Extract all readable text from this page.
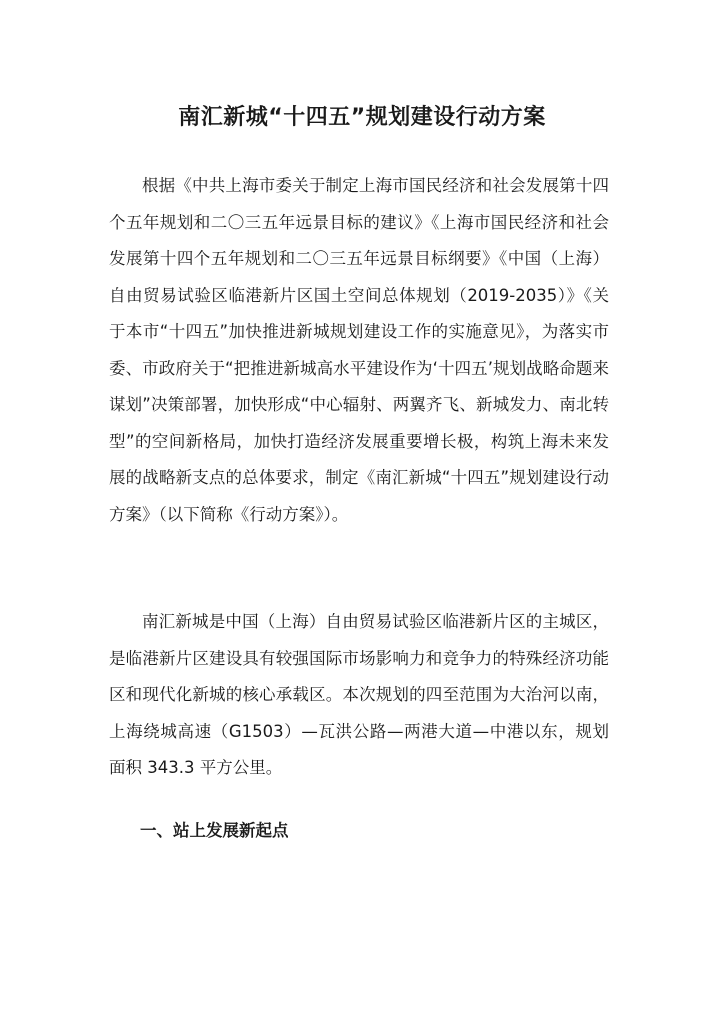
南汇新城“十四五”规划建设行动方案

根据《中共上海市委关于制定上海市国民经济和社会发展第十四个五年规划和二〇三五年远景目标的建议》《上海市国民经济和社会发展第十四个五年规划和二〇三五年远景目标纲要》《中国（上海）自由贸易试验区临港新片区国土空间总体规划（2019-2035）》《关于本市“十四五”加快推进新城规划建设工作的实施意见》，为落实市委、市政府关于“把推进新城高水平建设作为‘十四五’规划战略命题来谋划”决策部署，加快形成“中心辐射、两翼齐飞、新城发力、南北转型”的空间新格局，加快打造经济发展重要增长极，构筑上海未来发展的战略新支点的总体要求，制定《南汇新城“十四五”规划建设行动方案》（以下简称《行动方案》）。

南汇新城是中国（上海）自由贸易试验区临港新片区的主城区，是临港新片区建设具有较强国际市场影响力和竞争力的特殊经济功能区和现代化新城的核心承载区。本次规划的四至范围为大治河以南，上海绕城高速（G1503）—瓦洪公路—两港大道—中港以东，规划面积 343.3 平方公里。

一、站上发展新起点
